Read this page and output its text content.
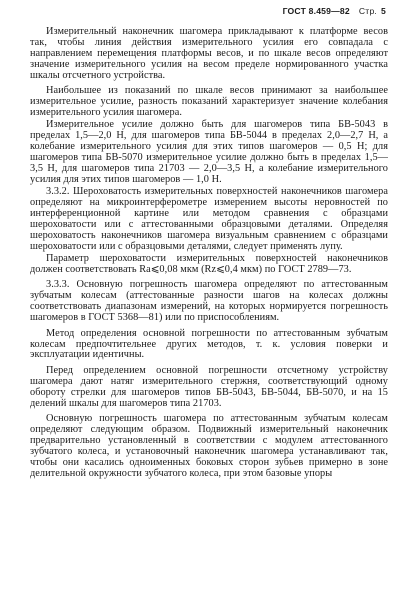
ГОСТ 8.459—82 Стр. 5

Измерительный наконечник шагомера прикладывают к платформе весов так, чтобы линия действия измерительного усилия его совпадала с направлением перемещения платформы весов, и по шкале весов определяют значение измерительного усилия на весом пределе нормированного участка шкалы отсчетного устройства.

Наибольшее из показаний по шкале весов принимают за наибольшее измерительное усилие, разность показаний характеризует значение колебания измерительного усилия шагомера.

Измерительное усилие должно быть для шагомеров типа БВ-5043 в пределах 1,5—2,0 Н, для шагомеров типа БВ-5044 в пределах 2,0—2,7 Н, а колебание измерительного усилия для этих типов шагомеров — 0,5 Н; для шагомеров типа БВ-5070 измерительное усилие должно быть в пределах 1,5—3,5 Н, для шагомеров типа 21703 — 2,0—3,5 Н, а колебание измерительного усилия для этих типов шагомеров — 1,0 Н.

3.3.2. Шероховатость измерительных поверхностей наконечников шагомера определяют на микроинтерферометре измерением высоты неровностей по интерференционной картине или методом сравнения с образцами шероховатости или с аттестованными образцовыми деталями. Определяя шероховатость наконечников шагомера визуальным сравнением с образцами шероховатости или с образцовыми деталями, следует применять лупу.

Параметр шероховатости измерительных поверхностей наконечников должен соответствовать Ra⩽0,08 мкм (Rz⩽0,4 мкм) по ГОСТ 2789—73.

3.3.3. Основную погрешность шагомера определяют по аттестованным зубчатым колесам (аттестованные разности шагов на колесах должны соответствовать диапазонам измерений, на которых нормируется погрешность шагомеров в ГОСТ 5368—81) или по приспособлениям.

Метод определения основной погрешности по аттестованным зубчатым колесам предпочтительнее других методов, т. к. условия поверки и эксплуатации идентичны.

Перед определением основной погрешности отсчетному устройству шагомера дают натяг измерительного стержня, соответствующий одному обороту стрелки для шагомеров типов БВ-5043, БВ-5044, БВ-5070, и на 15 делений шкалы для шагомеров типа 21703.

Основную погрешность шагомера по аттестованным зубчатым колесам определяют следующим образом. Подвижный измерительный наконечник предварительно установленный в соответствии с модулем аттестованного зубчатого колеса, и установочный наконечник шагомера устанавливают так, чтобы они касались одноименных боковых сторон зубьев примерно в зоне делительной окружности зубчатого колеса, при этом базовые упоры
